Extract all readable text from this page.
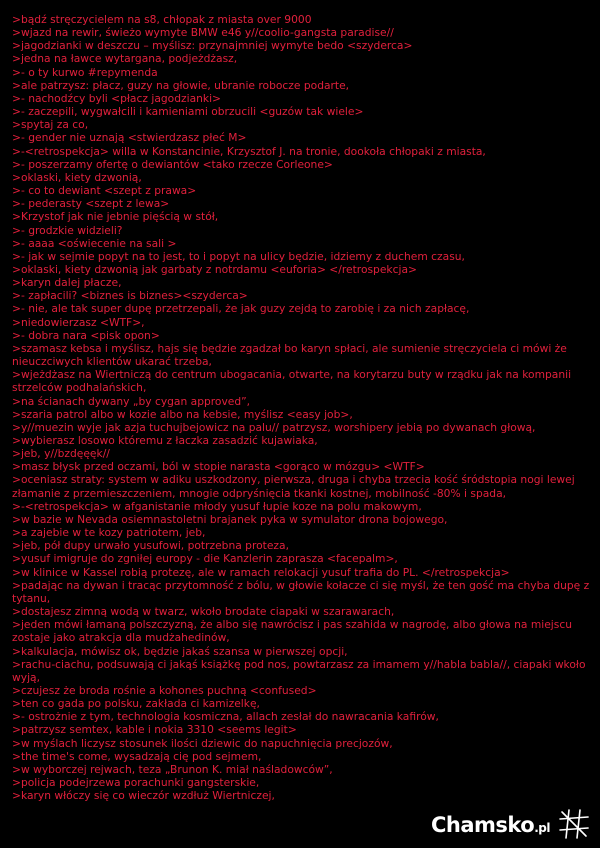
>bądź stręczycielem na s8, chłopak z miasta over 9000
>wjazd na rewir, świeżo wymyte BMW e46 y//coolio-gangsta paradise//
>jagodzianki w deszczu – myślisz: przynajmniej wymyte bedo <szyderca>
>jedna na ławce wytargana, podjeżdżasz,
>- o ty kurwo #repymenda
>ale patrzysz: płacz, guzy na głowie, ubranie robocze podarte,
>- nachodźcy byli <płacz jagodzianki>
>- zaczepili, wygwałcili i kamieniami obrzucili <guzów tak wiele>
>spytaj za co,
>- gender nie uznają <stwierdzasz płeć M>
>-<retrospekcja> willa w Konstancinie, Krzysztof J. na tronie, dookoła chłopaki z miasta,
>- poszerzamy ofertę o dewiantów <tako rzecze Corleone>
>oklaski, kiety dzwonią,
>- co to dewiant <szept z prawa>
>- pederasty <szept z lewa>
>Krzystof jak nie jebnie pięścią w stół,
>- grodzkie widzieli?
>- aaaa <oświecenie na sali >
>- jak w sejmie popyt na to jest, to i popyt na ulicy będzie, idziemy z duchem czasu,
>oklaski, kiety dzwonią jak garbaty z notrdamu <euforia> </retrospekcja>
>karyn dalej płacze,
>- zapłacili? <biznes is biznes><szyderca>
>- nie, ale tak super dupę przetrzepali, że jak guzy zejdą to zarobię i za nich zapłacę,
>niedowierzasz <WTF>,
>- dobra nara <pisk opon>
>szamasz kebsa i myślisz, hajs się będzie zgadzał bo karyn spłaci, ale sumienie stręczyciela ci mówi że nieuczciwych klientów ukarać trzeba,
>wjeżdżasz na Wiertniczą do centrum ubogacania, otwarte, na korytarzu buty w rządku jak na kompanii strzelców podhalańskich,
>na ścianach dywany „by cygan approved”,
>szaria patrol albo w kozie albo na kebsie, myślisz <easy job>,
>y//muezin wyje jak azja tuchujbejowicz na palu// patrzysz, worshipery jebią po dywanach głową,
>wybierasz losowo któremu z łaczka zasadzić kujawiaka,
>jeb, y//bzdęęęk//
>masz błysk przed oczami, ból w stopie narasta <gorąco w mózgu> <WTF>
>oceniasz straty: system w adiku uszkodzony, pierwsza, druga i chyba trzecia kość śródstopia nogi lewej złamanie z przemieszczeniem, mnogie odpryśnięcia tkanki kostnej, mobilność -80% i spada,
>-<retrospekcja> w afganistanie młody yusuf łupie koze na polu makowym,
>w bazie w Nevada osiemnastoletni brajanek pyka w symulator drona bojowego,
>a zajebie w te kozy patriotem, jeb,
>jeb, pół dupy urwało yusufowi, potrzebna proteza,
>yusuf imigruje do zgniłej europy - die Kanzlerin zaprasza <facepalm>,
>w klinice w Kassel robią protezę, ale w ramach relokacji yusuf trafia do PL. </retrospekcja>
>padając na dywan i tracąc przytomność z bólu, w głowie kołacze ci się myśl, że ten gość ma chyba dupę z tytanu,
>dostajesz zimną wodą w twarz, wkoło brodate ciapaki w szarawarach,
>jeden mówi łamaną polszczyzną, że albo się nawrócisz i pas szahida w nagrodę, albo głowa na miejscu zostaje jako atrakcja dla mudżahedinów,
>kalkulacja, mówisz ok, będzie jakaś szansa w pierwszej opcji,
>rachu-ciachu, podsuwają ci jakąś książkę pod nos, powtarzasz za imamem y//habla babla//, ciapaki wkoło wyją,
>czujesz że broda rośnie a kohones puchną <confused>
>ten co gada po polsku, zakłada ci kamizelkę,
>- ostrożnie z tym, technologia kosmiczna, allach zesłał do nawracania kafirów,
>patrzysz semtex, kable i nokia 3310 <seems legit>
>w myślach liczysz stosunek ilości dziewic do napuchnięcia precjozów,
>the time's come, wysadzają cię pod sejmem,
>w wyborczej rejwach, teza „Brunon K. miał naśladowców”,
>policja podejrzewa porachunki gangsterskie,
>karyn włóczy się co wieczór wzdłuż Wiertniczej,
Chamsko.pl
